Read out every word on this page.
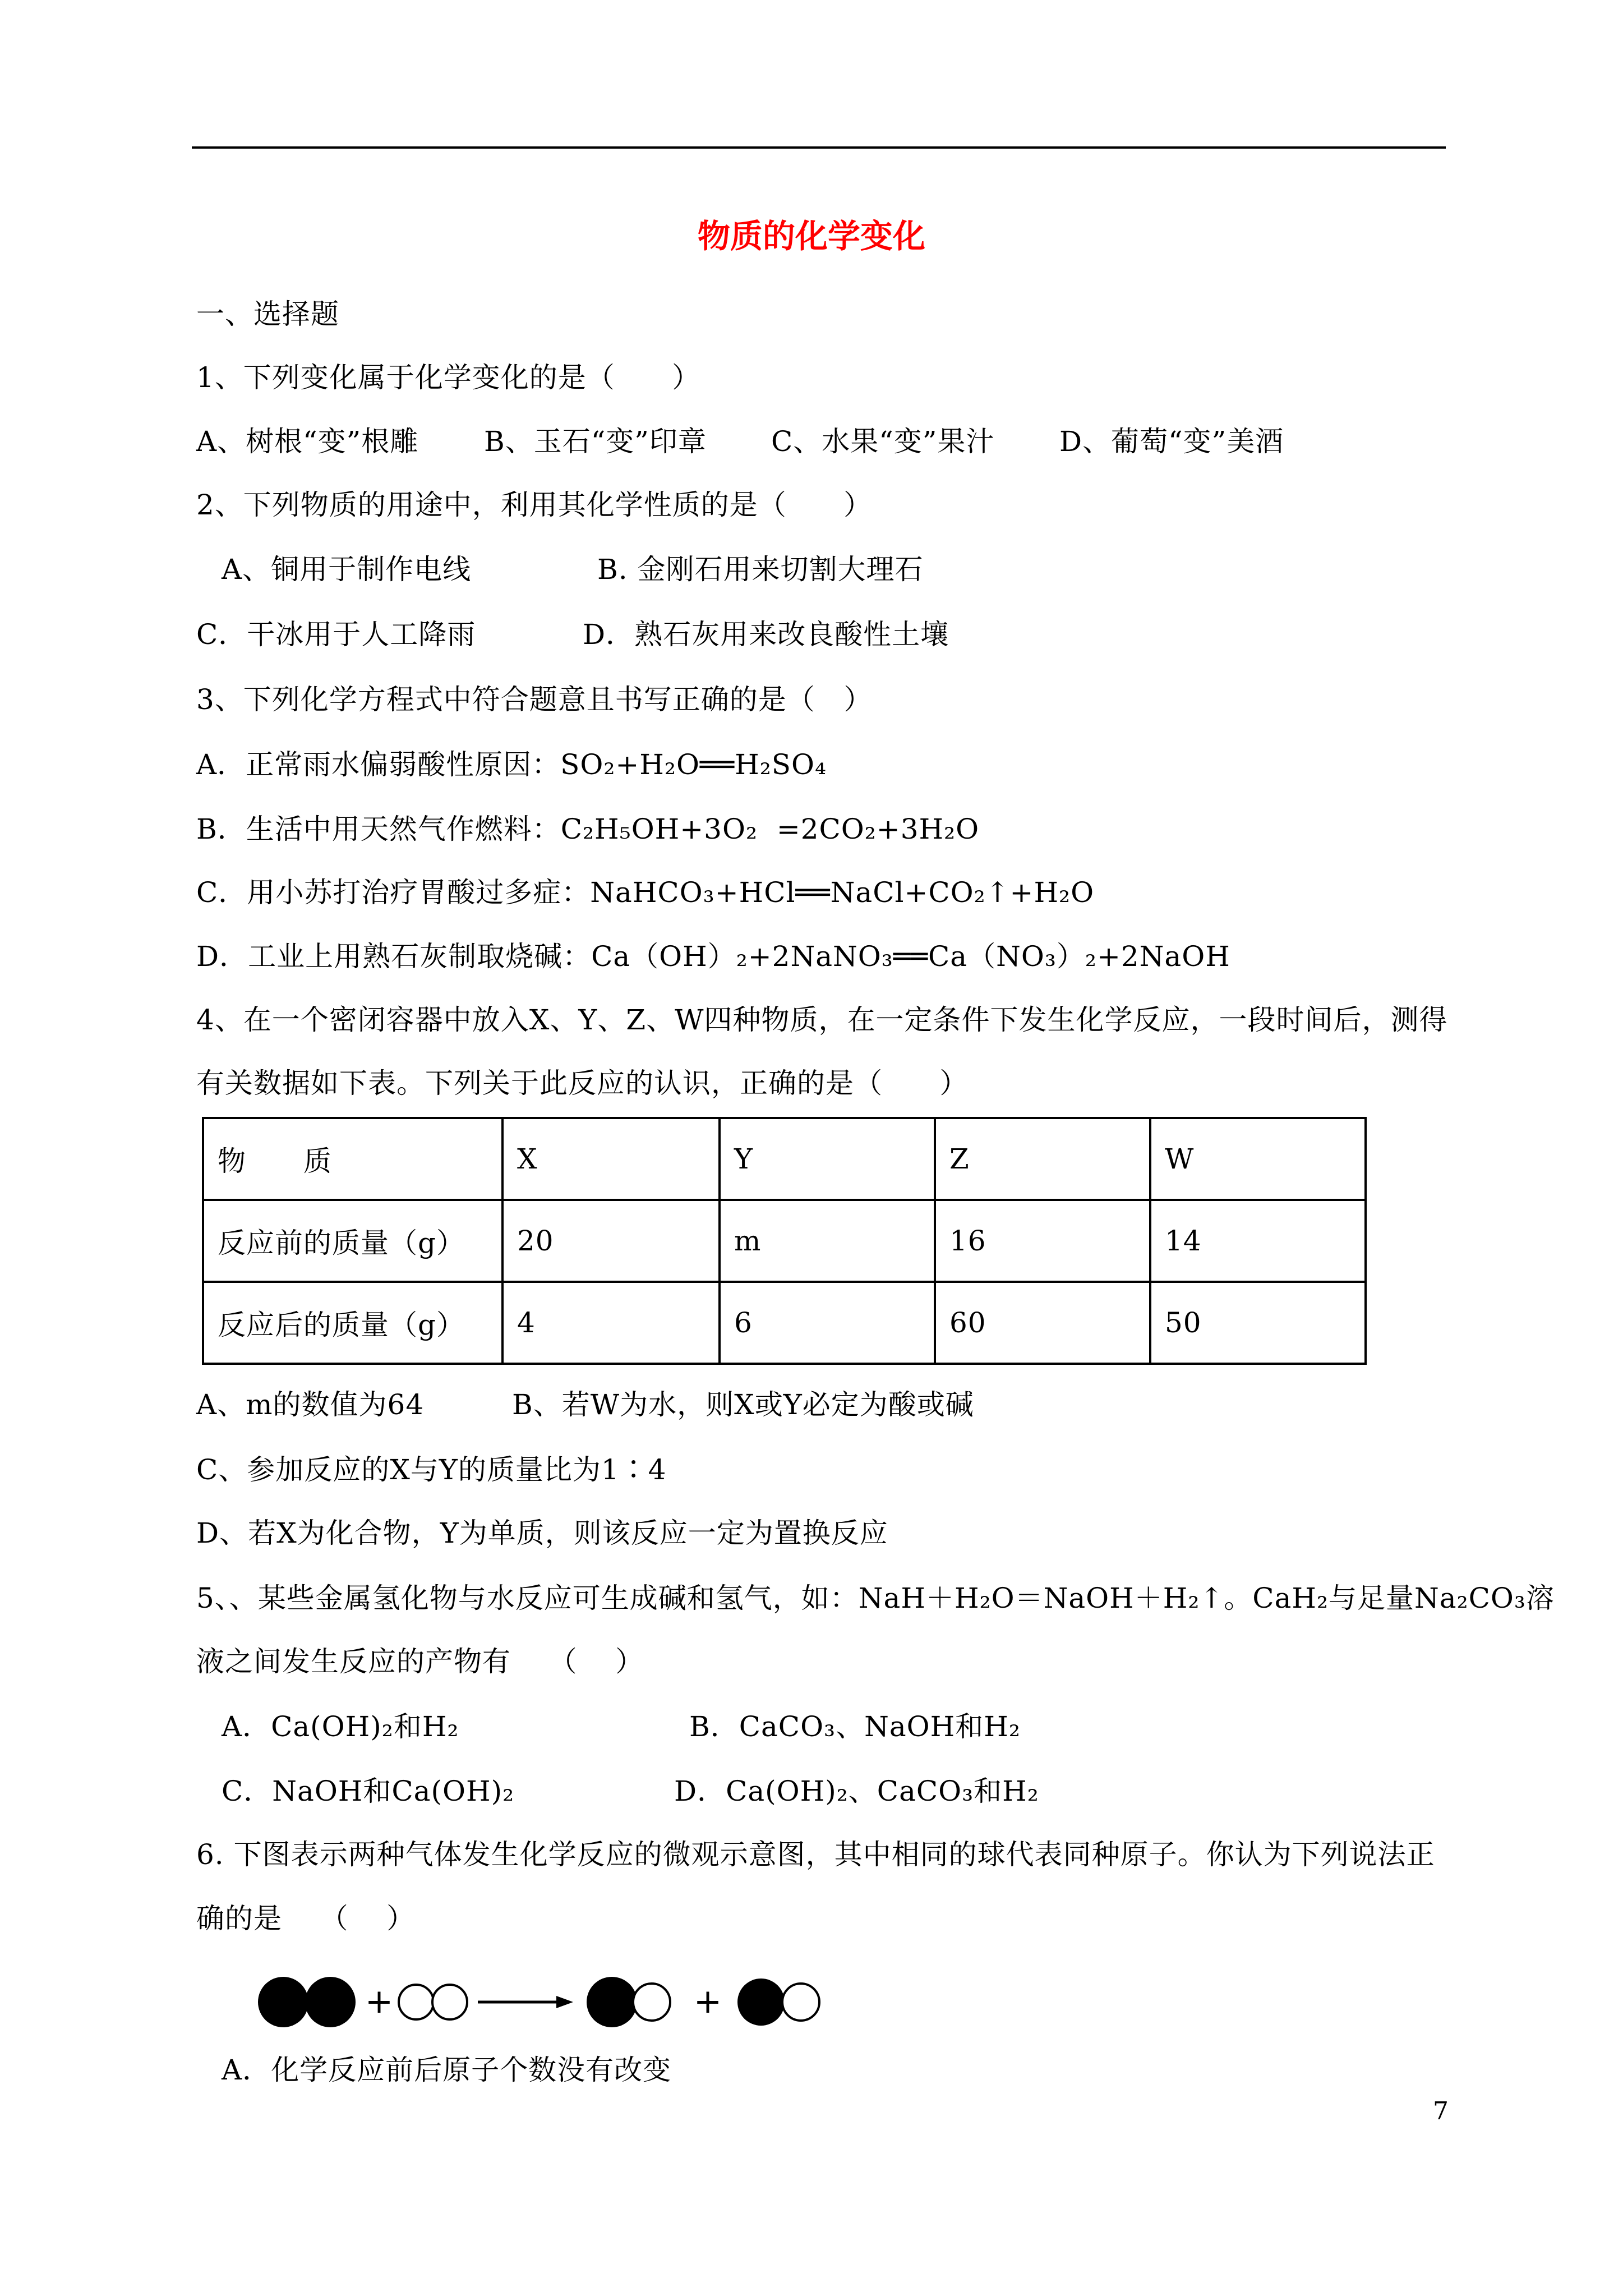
物质的化学变化
一、选择题
1、下列变化属于化学变化的是（      ）
A、树根“变”根雕 B、玉石“变”印章 C、水果“变”果汁 D、葡萄“变”美酒
2、下列物质的用途中，利用其化学性质的是（      ）
A、铜用于制作电线	B. 金刚石用来切割大理石
C．干冰用于人工降雨	D．熟石灰用来改良酸性土壤
3、下列化学方程式中符合题意且书写正确的是（   ）
A．正常雨水偏弱酸性原因：SO₂+H₂O══H₂SO₄
B．生活中用天然气作燃料：C₂H₅OH+3O₂  =2CO₂+3H₂O
C．用小苏打治疗胃酸过多症：NaHCO₃+HCl══NaCl+CO₂↑+H₂O
D．工业上用熟石灰制取烧碱：Ca（OH）₂+2NaNO₃══Ca（NO₃）₂+2NaOH
4、在一个密闭容器中放入X、Y、Z、W四种物质，在一定条件下发生化学反应，一段时间后，测得
有关数据如下表。下列关于此反应的认识，正确的是（      ）
物　　质	X	Y	Z	W
反应前的质量（g）	20	m	16	14
反应后的质量（g）	4	6	60	50
A、m的数值为64	B、若W为水，则X或Y必定为酸或碱
C、参加反应的X与Y的质量比为1∶4
D、若X为化合物，Y为单质，则该反应一定为置换反应
5、、某些金属氢化物与水反应可生成碱和氢气，如：NaH＋H₂O＝NaOH＋H₂↑。CaH₂与足量Na₂CO₃溶
液之间发生反应的产物有    （    ）
A．Ca(OH)₂和H₂	B．CaCO₃、NaOH和H₂
C．NaOH和Ca(OH)₂	D．Ca(OH)₂、CaCO₃和H₂
6. 下图表示两种气体发生化学反应的微观示意图，其中相同的球代表同种原子。你认为下列说法正
确的是    （    ）
+	+
A．化学反应前后原子个数没有改变
7
